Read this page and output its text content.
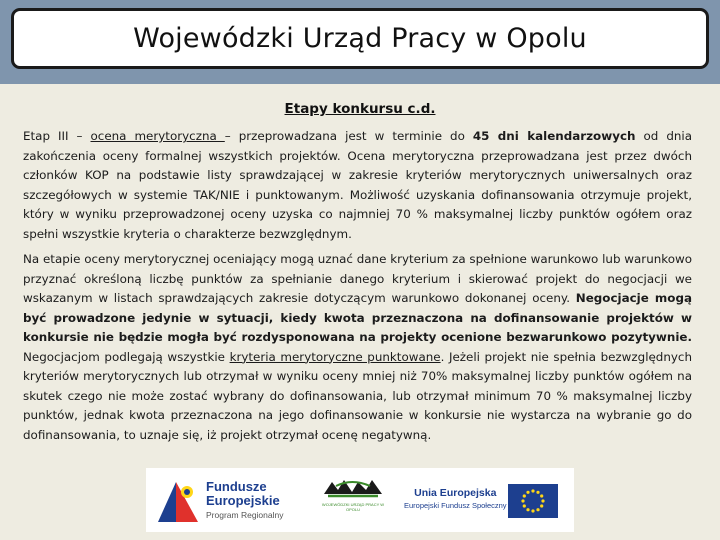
Wojewódzki Urząd Pracy w Opolu
Etapy konkursu c.d.

Etap III – ocena merytoryczna – przeprowadzana jest w terminie do 45 dni kalendarzowych od dnia zakończenia oceny formalnej wszystkich projektów. Ocena merytoryczna przeprowadzana jest przez dwóch członków KOP na podstawie listy sprawdzającej w zakresie kryteriów merytorycznych uniwersalnych oraz szczegółowych w systemie TAK/NIE i punktowanym. Możliwość uzyskania dofinansowania otrzymuje projekt, który w wyniku przeprowadzonej oceny uzyska co najmniej 70 % maksymalnej liczby punktów ogółem oraz spełni wszystkie kryteria o charakterze bezwzględnym.

Na etapie oceny merytorycznej oceniający mogą uznać dane kryterium za spełnione warunkowo lub warunkowo przyznać określoną liczbę punktów za spełnianie danego kryterium i skierować projekt do negocjacji we wskazanym w listach sprawdzających zakresie dotyczącym warunkowo dokonanej oceny. Negocjacje mogą być prowadzone jedynie w sytuacji, kiedy kwota przeznaczona na dofinansowanie projektów w konkursie nie będzie mogła być rozdysponowana na projekty ocenione bezwarunkowo pozytywnie. Negocjacjom podlegają wszystkie kryteria merytoryczne punktowane. Jeżeli projekt nie spełnia bezwzględnych kryteriów merytorycznych lub otrzymał w wyniku oceny mniej niż 70% maksymalnej liczby punktów ogółem na skutek czego nie może zostać wybrany do dofinansowania, lub otrzymał minimum 70 % maksymalnej liczby punktów, jednak kwota przeznaczona na jego dofinansowanie w konkursie nie wystarcza na wybranie go do dofinansowania, to uznaje się, iż projekt otrzymał ocenę negatywną.

Fundusze
Europejskie
Program Regionalny
WOJEWÓDZKI URZĄD PRACY W OPOLU
Unia Europejska
Europejski Fundusz Społeczny
